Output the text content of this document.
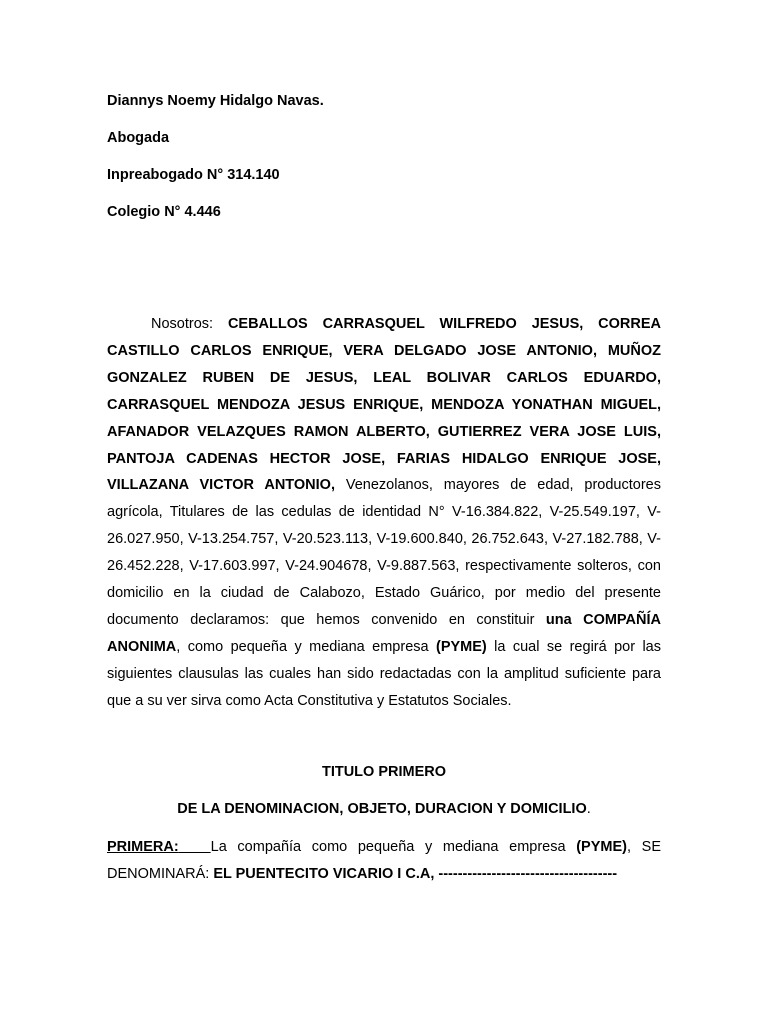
Diannys Noemy Hidalgo Navas.
Abogada
Inpreabogado N° 314.140
Colegio N° 4.446

Nosotros: CEBALLOS CARRASQUEL WILFREDO JESUS, CORREA CASTILLO CARLOS ENRIQUE, VERA DELGADO JOSE ANTONIO, MUÑOZ GONZALEZ RUBEN DE JESUS, LEAL BOLIVAR CARLOS EDUARDO, CARRASQUEL MENDOZA JESUS ENRIQUE, MENDOZA YONATHAN MIGUEL, AFANADOR VELAZQUES RAMON ALBERTO, GUTIERREZ VERA JOSE LUIS, PANTOJA CADENAS HECTOR JOSE, FARIAS HIDALGO ENRIQUE JOSE, VILLAZANA VICTOR ANTONIO, Venezolanos, mayores de edad, productores agrícola, Titulares de las cedulas de identidad N° V-16.384.822, V-25.549.197, V-26.027.950, V-13.254.757, V-20.523.113, V-19.600.840, 26.752.643, V-27.182.788, V-26.452.228, V-17.603.997, V-24.904678, V-9.887.563, respectivamente solteros, con domicilio en la ciudad de Calabozo, Estado Guárico, por medio del presente documento declaramos: que hemos convenido en constituir una COMPAÑÍA ANONIMA, como pequeña y mediana empresa (PYME) la cual se regirá por las siguientes clausulas las cuales han sido redactadas con la amplitud suficiente para que a su ver sirva como Acta Constitutiva y Estatutos Sociales.

TITULO PRIMERO
DE LA DENOMINACION, OBJETO, DURACION Y DOMICILIO.

PRIMERA: La compañía como pequeña y mediana empresa (PYME), SE DENOMINARÁ: EL PUENTECITO VICARIO I C.A, -------------------------------------
